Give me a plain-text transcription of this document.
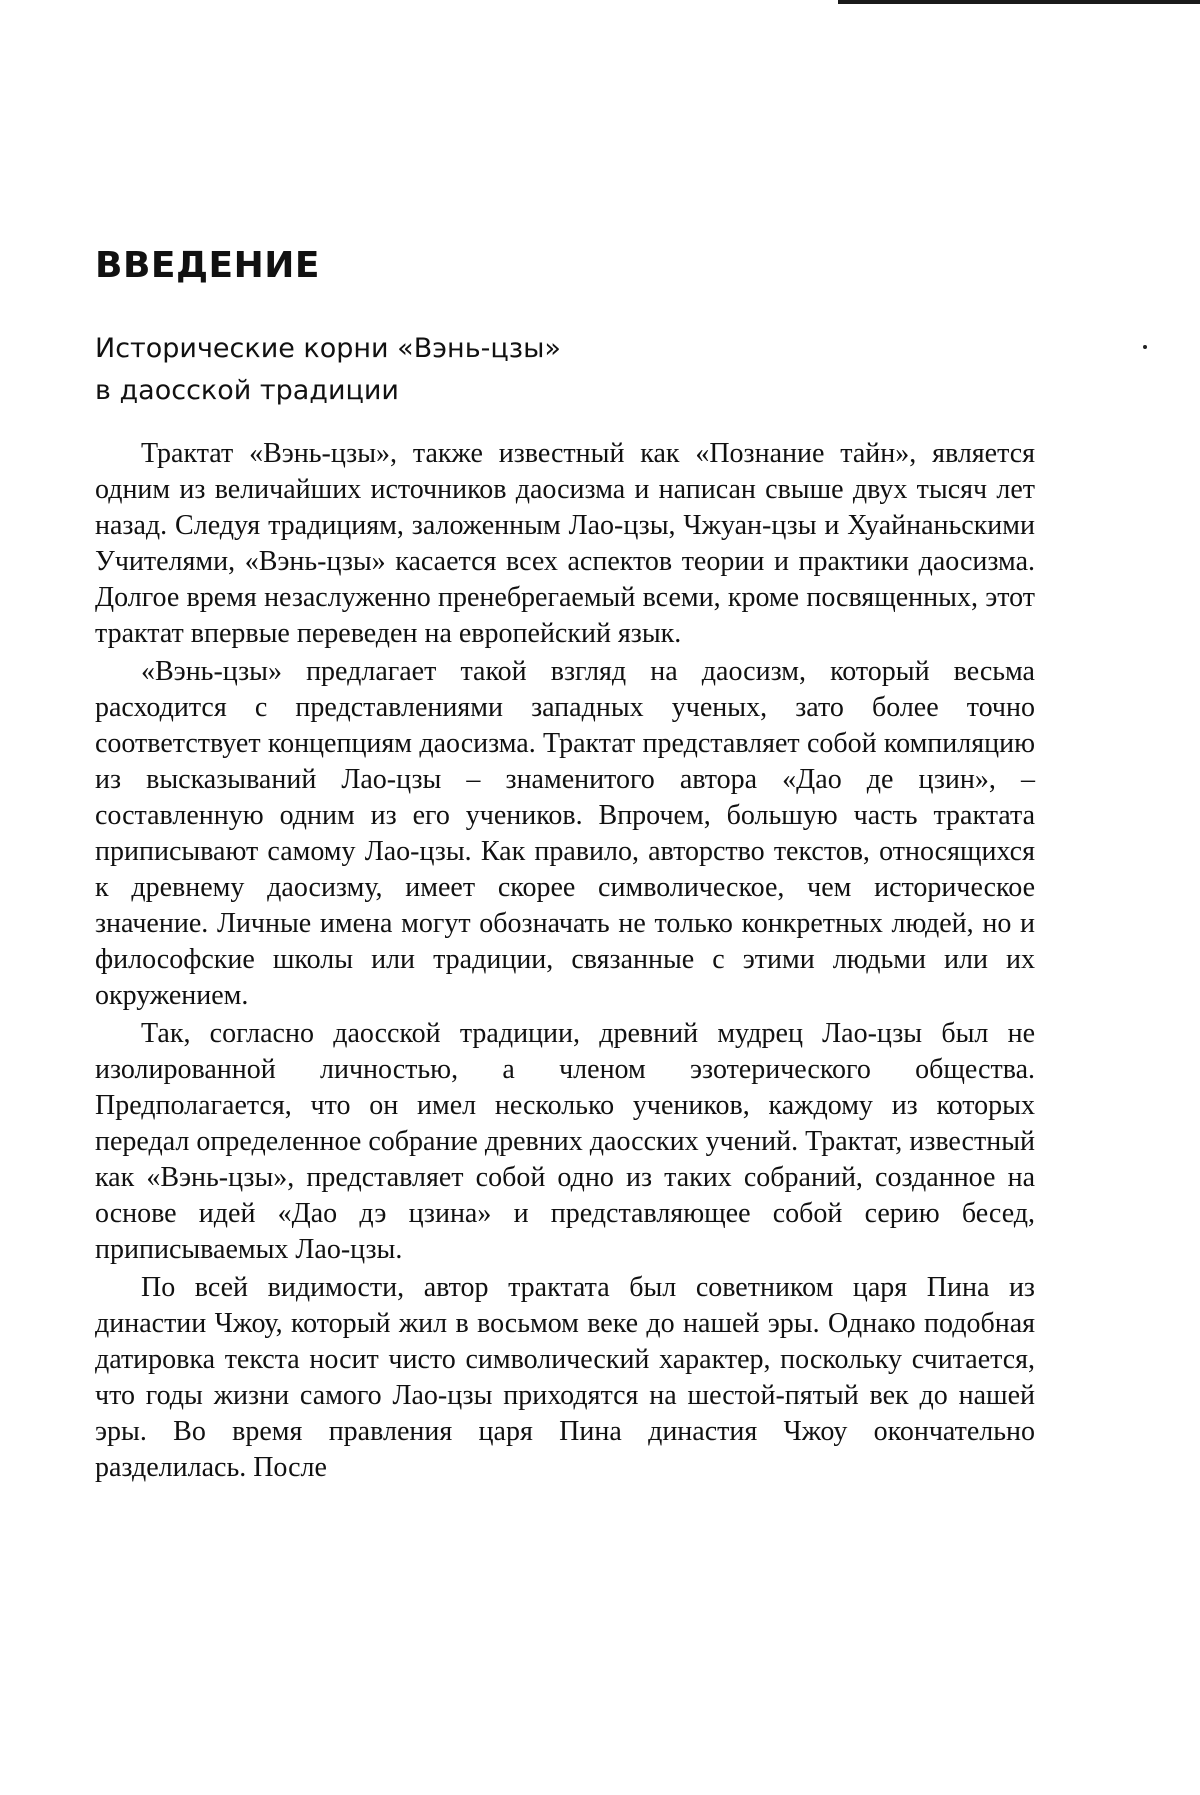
ВВЕДЕНИЕ
Исторические корни «Вэнь-цзы»
в даосской традиции

Трактат «Вэнь-цзы», также известный как «Познание тайн», является одним из величайших источников даосизма и написан свыше двух тысяч лет назад. Следуя традициям, заложенным Лао-цзы, Чжуан-цзы и Хуайнаньскими Учителями, «Вэнь-цзы» касается всех аспектов теории и практики даосизма. Долгое время незаслуженно пренебрегаемый всеми, кроме посвященных, этот трактат впервые переведен на европейский язык.

«Вэнь-цзы» предлагает такой взгляд на даосизм, который весьма расходится с представлениями западных ученых, зато более точно соответствует концепциям даосизма. Трактат представляет собой компиляцию из высказываний Лао-цзы – знаменитого автора «Дао де цзин», – составленную одним из его учеников. Впрочем, большую часть трактата приписывают самому Лао-цзы. Как правило, авторство текстов, относящихся к древнему даосизму, имеет скорее символическое, чем историческое значение. Личные имена могут обозначать не только конкретных людей, но и философские школы или традиции, связанные с этими людьми или их окружением.

Так, согласно даосской традиции, древний мудрец Лао-цзы был не изолированной личностью, а членом эзотерического общества. Предполагается, что он имел несколько учеников, каждому из которых передал определенное собрание древних даосских учений. Трактат, известный как «Вэнь-цзы», представляет собой одно из таких собраний, созданное на основе идей «Дао дэ цзина» и представляющее собой серию бесед, приписываемых Лао-цзы.

По всей видимости, автор трактата был советником царя Пина из династии Чжоу, который жил в восьмом веке до нашей эры. Однако подобная датировка текста носит чисто символический характер, поскольку считается, что годы жизни самого Лао-цзы приходятся на шестой-пятый век до нашей эры. Во время правления царя Пина династия Чжоу окончательно разделилась. После
